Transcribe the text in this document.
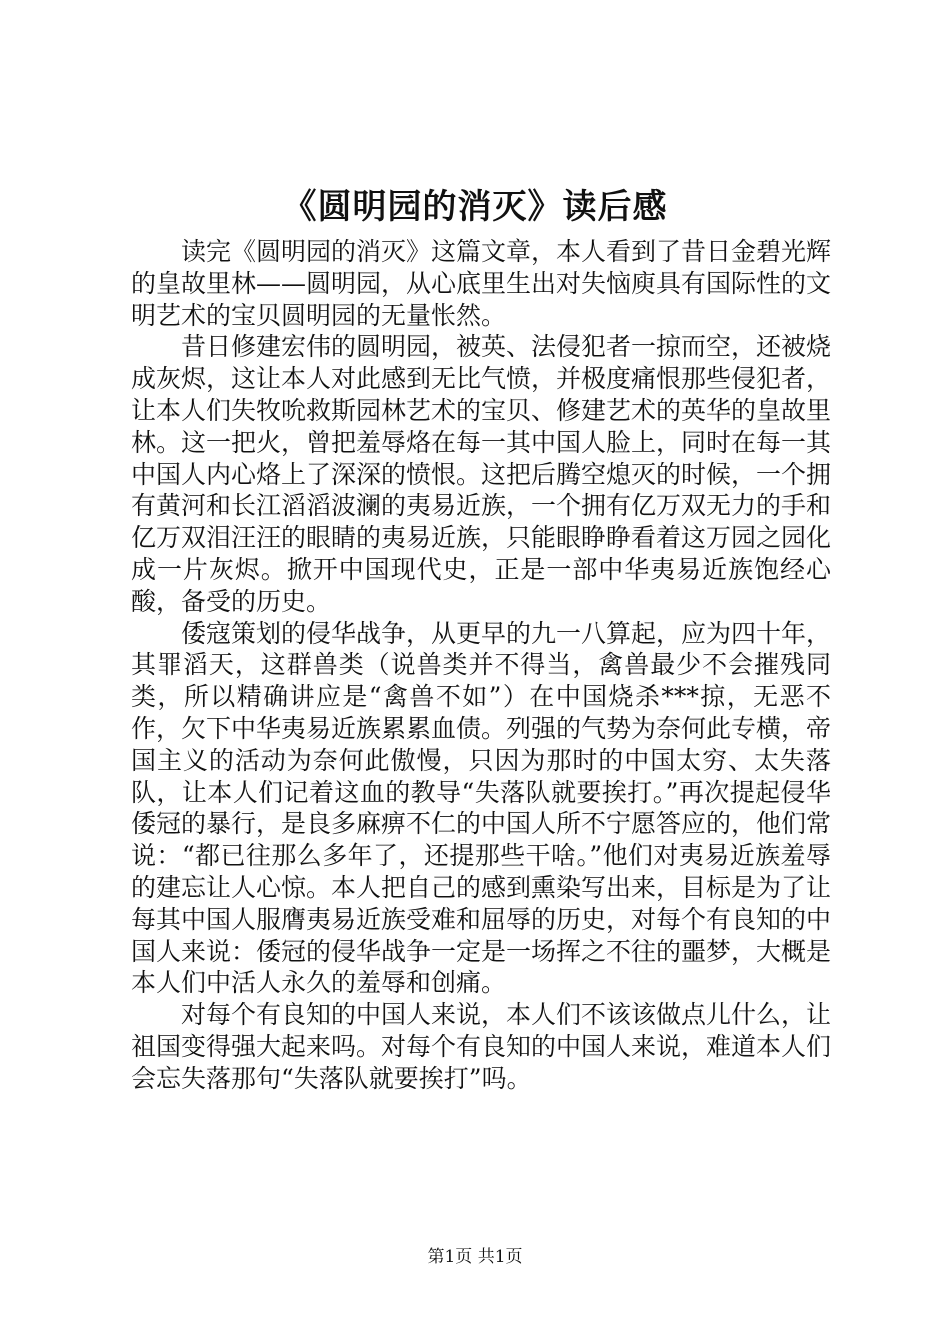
《圆明园的消灭》读后感

读完《圆明园的消灭》这篇文章，本人看到了昔日金碧光辉的皇故里林——圆明园，从心底里生出对失恼庾具有国际性的文明艺术的宝贝圆明园的无量怅然。

昔日修建宏伟的圆明园，被英、法侵犯者一掠而空，还被烧成灰烬，这让本人对此感到无比气愤，并极度痛恨那些侵犯者，让本人们失牧吮救斯园林艺术的宝贝、修建艺术的英华的皇故里林。这一把火，曾把羞辱烙在每一其中国人脸上，同时在每一其中国人内心烙上了深深的愤恨。这把后腾空熄灭的时候，一个拥有黄河和长江滔滔波澜的夷易近族，一个拥有亿万双无力的手和亿万双泪汪汪的眼睛的夷易近族，只能眼睁睁看着这万园之园化成一片灰烬。掀开中国现代史，正是一部中华夷易近族饱经心酸，备受的历史。

倭寇策划的侵华战争，从更早的九一八算起，应为四十年，其罪滔天，这群兽类（说兽类并不得当，禽兽最少不会摧残同类，所以精确讲应是“禽兽不如”）在中国烧杀***掠，无恶不作，欠下中华夷易近族累累血债。列强的气势为奈何此专横，帝国主义的活动为奈何此傲慢，只因为那时的中国太穷、太失落队，让本人们记着这血的教导“失落队就要挨打。”再次提起侵华倭冠的暴行，是良多麻痹不仁的中国人所不宁愿答应的，他们常说：“都已往那么多年了，还提那些干啥。”他们对夷易近族羞辱的建忘让人心惊。本人把自己的感到熏染写出来，目标是为了让每其中国人服膺夷易近族受难和屈辱的历史，对每个有良知的中国人来说：倭冠的侵华战争一定是一场挥之不往的噩梦，大概是本人们中活人永久的羞辱和创痛。

对每个有良知的中国人来说，本人们不该该做点儿什么，让祖国变得强大起来吗。对每个有良知的中国人来说，难道本人们会忘失落那句“失落队就要挨打”吗。

第1页 共1页
